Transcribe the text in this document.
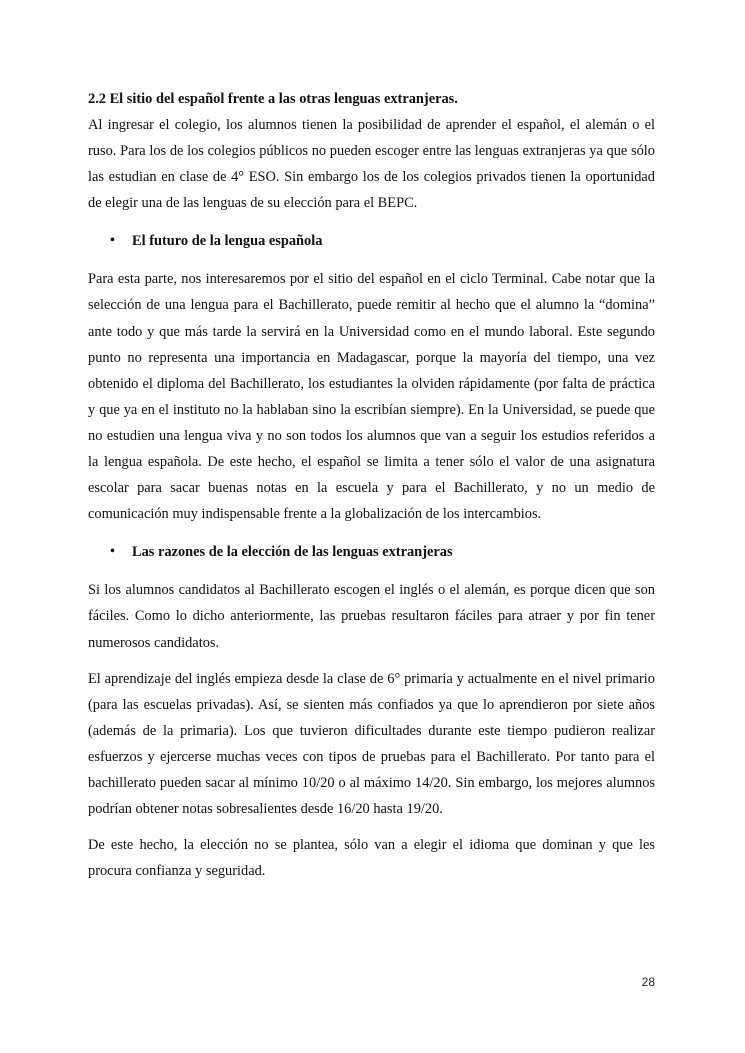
2.2 El sitio del español frente a las otras lenguas extranjeras.

Al ingresar el colegio, los alumnos tienen la posibilidad de aprender el español, el alemán o el ruso. Para los de los colegios públicos no pueden escoger entre las lenguas extranjeras ya que sólo las estudian en clase de 4° ESO. Sin embargo los de los colegios privados tienen la oportunidad de elegir una de las lenguas de su elección para el BEPC.

• El futuro de la lengua española

Para esta parte, nos interesaremos por el sitio del español en el ciclo Terminal. Cabe notar que la selección de una lengua para el Bachillerato, puede remitir al hecho que el alumno la “domina” ante todo y que más tarde la servirá en la Universidad como en el mundo laboral. Este segundo punto no representa una importancia en Madagascar, porque la mayoría del tiempo, una vez obtenido el diploma del Bachillerato, los estudiantes la olviden rápidamente (por falta de práctica y que ya en el instituto no la hablaban sino la escribían siempre). En la Universidad, se puede que no estudien una lengua viva y no son todos los alumnos que van a seguir los estudios referidos a la lengua española. De este hecho, el español se limita a tener sólo el valor de una asignatura escolar para sacar buenas notas en la escuela y para el Bachillerato, y no un medio de comunicación muy indispensable frente a la globalización de los intercambios.

• Las razones de la elección de las lenguas extranjeras

Si los alumnos candidatos al Bachillerato escogen el inglés o el alemán, es porque dicen que son fáciles. Como lo dicho anteriormente, las pruebas resultaron fáciles para atraer y por fin tener numerosos candidatos.

El aprendizaje del inglés empieza desde la clase de 6° primaria y actualmente en el nivel primario (para las escuelas privadas). Así, se sienten más confiados ya que lo aprendieron por siete años (además de la primaria). Los que tuvieron dificultades durante este tiempo pudieron realizar esfuerzos y ejercerse muchas veces con tipos de pruebas para el Bachillerato. Por tanto para el bachillerato pueden sacar al mínimo 10/20 o al máximo 14/20. Sin embargo, los mejores alumnos podrían obtener notas sobresalientes desde 16/20 hasta 19/20.

De este hecho, la elección no se plantea, sólo van a elegir el idioma que dominan y que les procura confianza y seguridad.

28
